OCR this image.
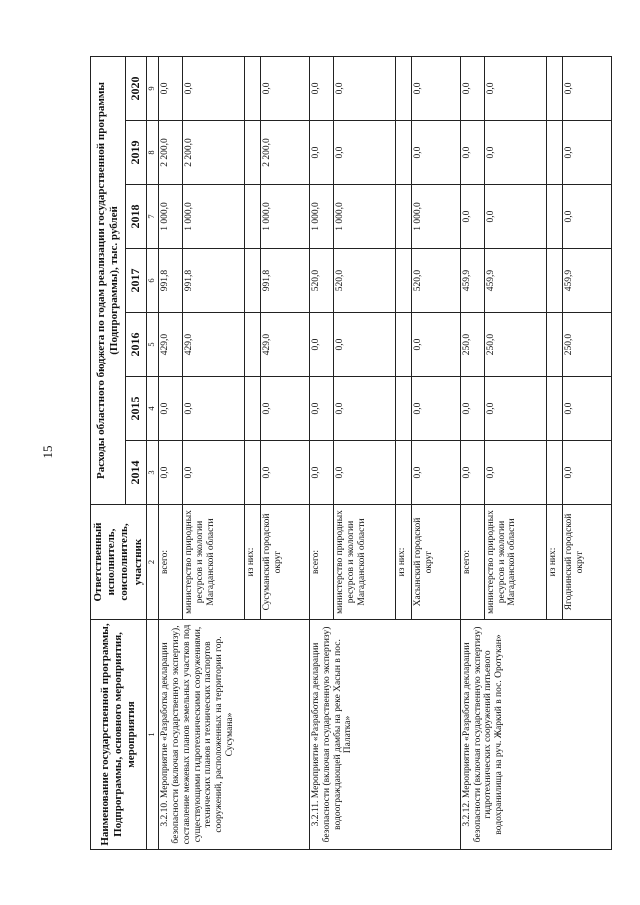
15
Наименование государственной программы, Подпрограммы, основного мероприятия, мероприятия	Ответственный исполнитель, соисполнитель, участник	Расходы областного бюджета по годам реализации государственной программы (Подпрограммы), тыс. рублей						
		2014	2015	2016	2017	2018	2019	2020
1	2	3	4	5	6	7	8	9
3.2.10. Мероприятие «Разработка декларации безопасности (включая государственную экспертизу), составление межевых планов земельных участков под существующими гидротехническими сооружениями, технических планов и технических паспортов сооружений, расположенных на территории гор. Сусумана»	всего:	0,0	0,0	429,0	991,8	1 000,0	2 200,0	0,0
	министерство природных ресурсов и экологии Магаданской области	0,0	0,0	429,0	991,8	1 000,0	2 200,0	0,0
	из них:							
	Сусуманский городской округ	0,0	0,0	429,0	991,8	1 000,0	2 200,0	0,0
3.2.11. Мероприятие «Разработка декларации безопасности (включая государственную экспертизу) водоограждающей дамбы на реке Хасын в пос. Палатка»	всего:	0,0	0,0	0,0	520,0	1 000,0	0,0	0,0
	министерство природных ресурсов и экологии Магаданской области	0,0	0,0	0,0	520,0	1 000,0	0,0	0,0
	из них:							
	Хасынский городской округ	0,0	0,0	0,0	520,0	1 000,0	0,0	0,0
3.2.12. Мероприятие «Разработка декларации безопасности (включая государственную экспертизу) гидротехнических сооружений питьевого водохранилища на руч. Жаркий в пос. Оротукан»	всего:	0,0	0,0	250,0	459,9	0,0	0,0	0,0
	министерство природных ресурсов и экологии Магаданской области	0,0	0,0	250,0	459,9	0,0	0,0	0,0
	из них:							
	Ягоднинский городской округ	0,0	0,0	250,0	459,9	0,0	0,0	0,0
